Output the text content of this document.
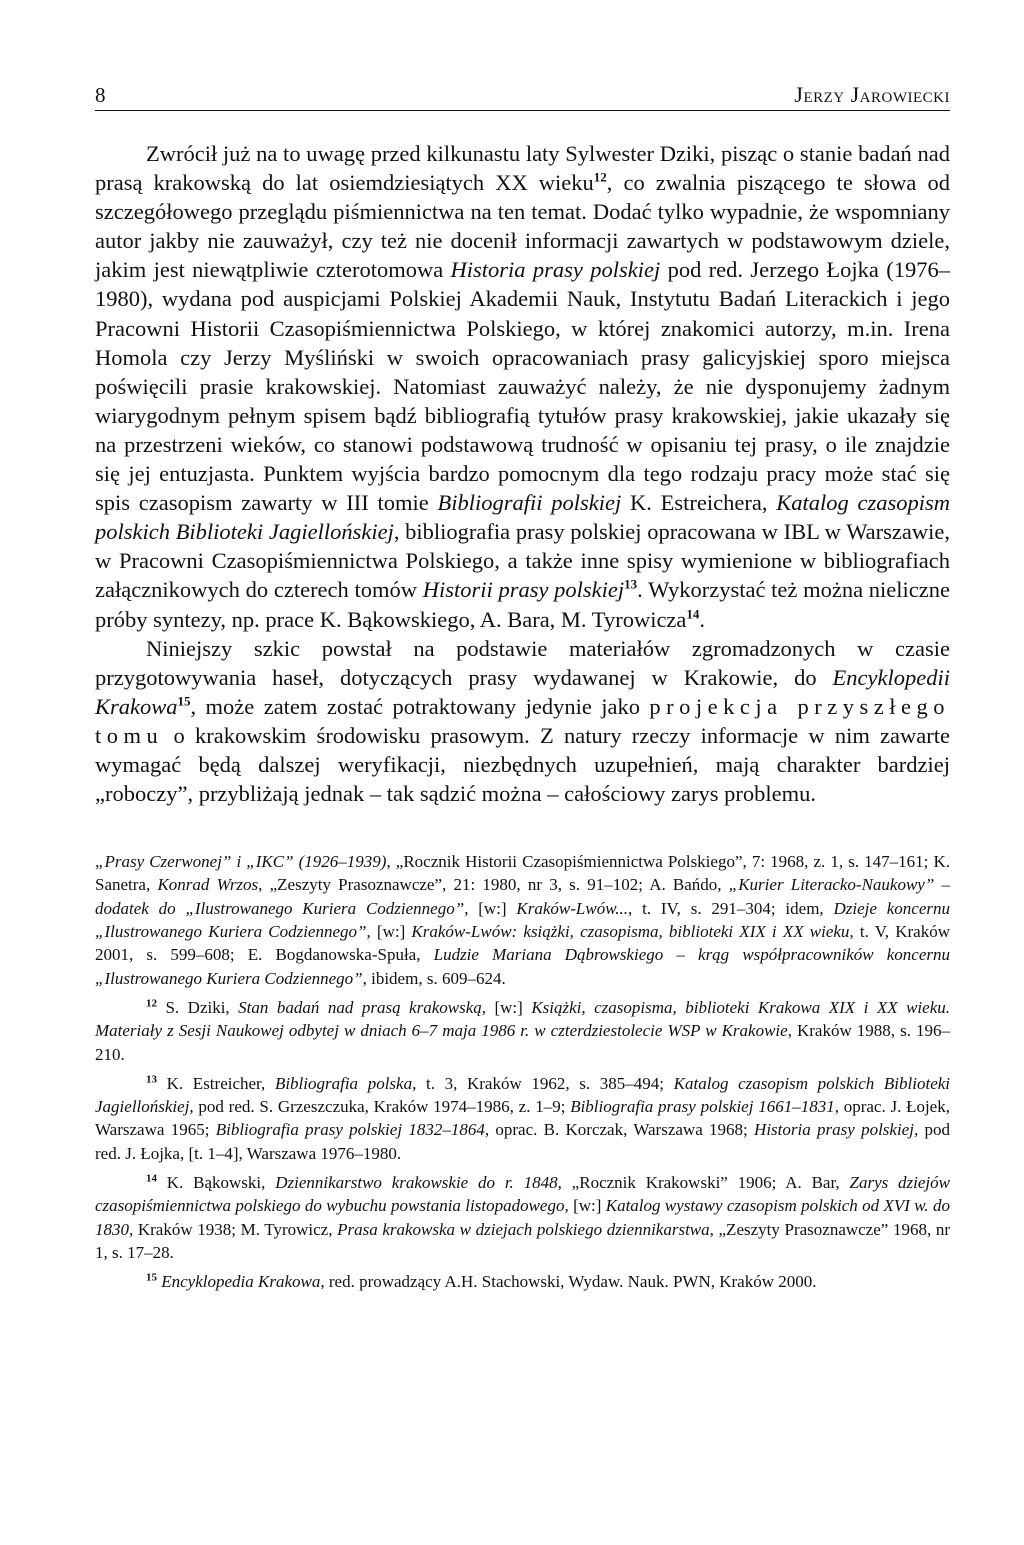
8	Jerzy Jarowiecki

Zwrócił już na to uwagę przed kilkunastu laty Sylwester Dziki, pisząc o stanie badań nad prasą krakowską do lat osiemdziesiątych XX wieku$^{12}$, co zwalnia piszącego te słowa od szczegółowego przeglądu piśmiennictwa na ten temat. Dodać tylko wypadnie, że wspomniany autor jakby nie zauważył, czy też nie docenił informacji zawartych w podstawowym dziele, jakim jest niewątpliwie czterotomowa Historia prasy polskiej pod red. Jerzego Łojka (1976–1980), wydana pod auspicjami Polskiej Akademii Nauk, Instytutu Badań Literackich i jego Pracowni Historii Czasopiśmiennictwa Polskiego, w której znakomici autorzy, m.in. Irena Homola czy Jerzy Myśliński w swoich opracowaniach prasy galicyjskiej sporo miejsca poświęcili prasie krakowskiej. Natomiast zauważyć należy, że nie dysponujemy żadnym wiarygodnym pełnym spisem bądź bibliografią tytułów prasy krakowskiej, jakie ukazały się na przestrzeni wieków, co stanowi podstawową trudność w opisaniu tej prasy, o ile znajdzie się jej entuzjasta. Punktem wyjścia bardzo pomocnym dla tego rodzaju pracy może stać się spis czasopism zawarty w III tomie Bibliografii polskiej K. Estreichera, Katalog czasopism polskich Biblioteki Jagiellońskiej, bibliografia prasy polskiej opracowana w IBL w Warszawie, w Pracowni Czasopiśmiennictwa Polskiego, a także inne spisy wymienione w bibliografiach załącznikowych do czterech tomów Historii prasy polskiej$^{13}$. Wykorzystać też można nieliczne próby syntezy, np. prace K. Bąkowskiego, A. Bara, M. Tyrowicza$^{14}$.

Niniejszy szkic powstał na podstawie materiałów zgromadzonych w czasie przygotowywania haseł, dotyczących prasy wydawanej w Krakowie, do Encyklopedii Krakowa$^{15}$, może zatem zostać potraktowany jedynie jako projekcja przyszłego tomu o krakowskim środowisku prasowym. Z natury rzeczy informacje w nim zawarte wymagać będą dalszej weryfikacji, niezbędnych uzupełnień, mają charakter bardziej „roboczy”, przybliżają jednak – tak sądzić można – całościowy zarys problemu.

„Prasy Czerwonej” i „IKC” (1926–1939), „Rocznik Historii Czasopiśmiennictwa Polskiego”, 7: 1968, z. 1, s. 147–161; K. Sanetra, Konrad Wrzos, „Zeszyty Prasoznawcze”, 21: 1980, nr 3, s. 91–102; A. Bańdo, „Kurier Literacko-Naukowy” – dodatek do „Ilustrowanego Kuriera Codziennego”, [w:] Kraków-Lwów..., t. IV, s. 291–304; idem, Dzieje koncernu „Ilustrowanego Kuriera Codziennego”, [w:] Kraków-Lwów: książki, czasopisma, biblioteki XIX i XX wieku, t. V, Kraków 2001, s. 599–608; E. Bogdanowska-Spuła, Ludzie Mariana Dąbrowskiego – krąg współpracowników koncernu „Ilustrowanego Kuriera Codziennego”, ibidem, s. 609–624.

$^{12}$ S. Dziki, Stan badań nad prasą krakowską, [w:] Książki, czasopisma, biblioteki Krakowa XIX i XX wieku. Materiały z Sesji Naukowej odbytej w dniach 6–7 maja 1986 r. w czterdziestolecie WSP w Krakowie, Kraków 1988, s. 196–210.

$^{13}$ K. Estreicher, Bibliografia polska, t. 3, Kraków 1962, s. 385–494; Katalog czasopism polskich Biblioteki Jagiellońskiej, pod red. S. Grzeszczuka, Kraków 1974–1986, z. 1–9; Bibliografia prasy polskiej 1661–1831, oprac. J. Łojek, Warszawa 1965; Bibliografia prasy polskiej 1832–1864, oprac. B. Korczak, Warszawa 1968; Historia prasy polskiej, pod red. J. Łojka, [t. 1–4], Warszawa 1976–1980.

$^{14}$ K. Bąkowski, Dziennikarstwo krakowskie do r. 1848, „Rocznik Krakowski” 1906; A. Bar, Zarys dziejów czasopiśmiennictwa polskiego do wybuchu powstania listopadowego, [w:] Katalog wystawy czasopism polskich od XVI w. do 1830, Kraków 1938; M. Tyrowicz, Prasa krakowska w dziejach polskiego dziennikarstwa, „Zeszyty Prasoznawcze” 1968, nr 1, s. 17–28.

$^{15}$ Encyklopedia Krakowa, red. prowadzący A.H. Stachowski, Wydaw. Nauk. PWN, Kraków 2000.
